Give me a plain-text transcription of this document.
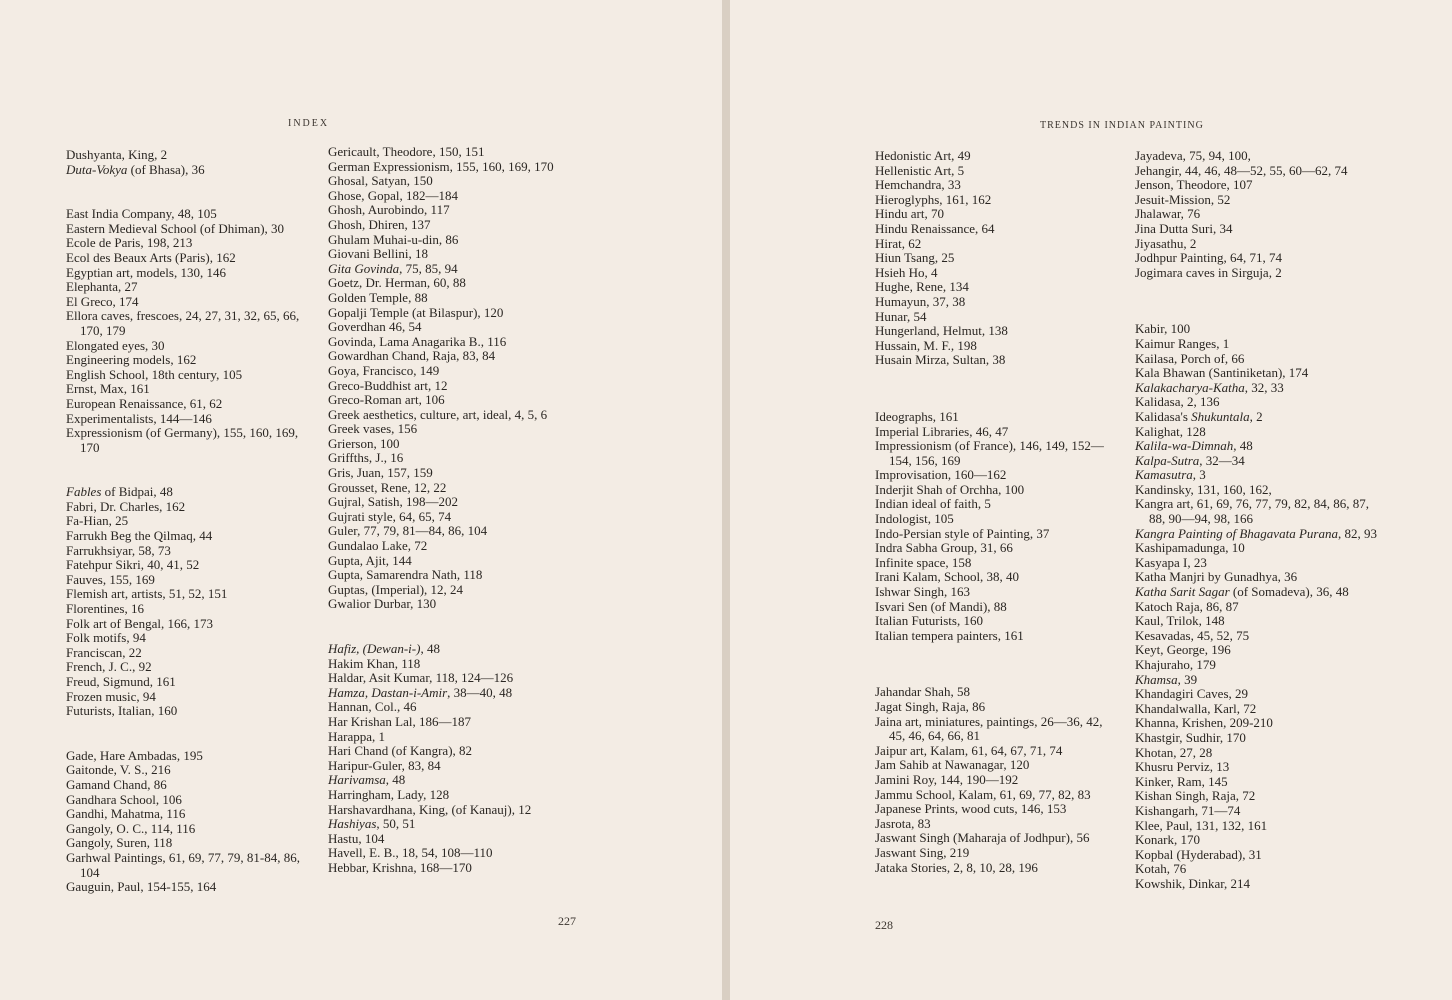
INDEX
Dushyanta, King, 2
Duta-Vokya (of Bhasa), 36
East India Company, 48, 105
Eastern Medieval School (of Dhiman), 30
Ecole de Paris, 198, 213
Ecol des Beaux Arts (Paris), 162
Egyptian art, models, 130, 146
Elephanta, 27
El Greco, 174
Ellora caves, frescoes, 24, 27, 31, 32, 65, 66, 170, 179
Elongated eyes, 30
Engineering models, 162
English School, 18th century, 105
Ernst, Max, 161
European Renaissance, 61, 62
Experimentalists, 144—146
Expressionism (of Germany), 155, 160, 169, 170
Fables of Bidpai, 48
Fabri, Dr. Charles, 162
Fa-Hian, 25
Farrukh Beg the Qilmaq, 44
Farrukhsiyar, 58, 73
Fatehpur Sikri, 40, 41, 52
Fauves, 155, 169
Flemish art, artists, 51, 52, 151
Florentines, 16
Folk art of Bengal, 166, 173
Folk motifs, 94
Franciscan, 22
French, J. C., 92
Freud, Sigmund, 161
Frozen music, 94
Futurists, Italian, 160
Gade, Hare Ambadas, 195
Gaitonde, V. S., 216
Gamand Chand, 86
Gandhara School, 106
Gandhi, Mahatma, 116
Gangoly, O. C., 114, 116
Gangoly, Suren, 118
Garhwal Paintings, 61, 69, 77, 79, 81-84, 86, 104
Gauguin, Paul, 154-155, 164
Gericault, Theodore, 150, 151
German Expressionism, 155, 160, 169, 170
Ghosal, Satyan, 150
Ghose, Gopal, 182—184
Ghosh, Aurobindo, 117
Ghosh, Dhiren, 137
Ghulam Muhai-u-din, 86
Giovani Bellini, 18
Gita Govinda, 75, 85, 94
Goetz, Dr. Herman, 60, 88
Golden Temple, 88
Gopalji Temple (at Bilaspur), 120
Goverdhan 46, 54
Govinda, Lama Anagarika B., 116
Gowardhan Chand, Raja, 83, 84
Goya, Francisco, 149
Greco-Buddhist art, 12
Greco-Roman art, 106
Greek aesthetics, culture, art, ideal, 4, 5, 6
Greek vases, 156
Grierson, 100
Griffths, J., 16
Gris, Juan, 157, 159
Grousset, Rene, 12, 22
Gujral, Satish, 198—202
Gujrati style, 64, 65, 74
Guler, 77, 79, 81—84, 86, 104
Gundalao Lake, 72
Gupta, Ajit, 144
Gupta, Samarendra Nath, 118
Guptas, (Imperial), 12, 24
Gwalior Durbar, 130
Hafiz, (Dewan-i-), 48
Hakim Khan, 118
Haldar, Asit Kumar, 118, 124—126
Hamza, Dastan-i-Amir, 38—40, 48
Hannan, Col., 46
Har Krishan Lal, 186—187
Harappa, 1
Hari Chand (of Kangra), 82
Haripur-Guler, 83, 84
Harivamsa, 48
Harringham, Lady, 128
Harshavardhana, King, (of Kanauj), 12
Hashiyas, 50, 51
Hastu, 104
Havell, E. B., 18, 54, 108—110
Hebbar, Krishna, 168—170
227
TRENDS IN INDIAN PAINTING
Hedonistic Art, 49
Hellenistic Art, 5
Hemchandra, 33
Hieroglyphs, 161, 162
Hindu art, 70
Hindu Renaissance, 64
Hirat, 62
Hiun Tsang, 25
Hsieh Ho, 4
Hughe, Rene, 134
Humayun, 37, 38
Hunar, 54
Hungerland, Helmut, 138
Hussain, M. F., 198
Husain Mirza, Sultan, 38
Ideographs, 161
Imperial Libraries, 46, 47
Impressionism (of France), 146, 149, 152—154, 156, 169
Improvisation, 160—162
Inderjit Shah of Orchha, 100
Indian ideal of faith, 5
Indologist, 105
Indo-Persian style of Painting, 37
Indra Sabha Group, 31, 66
Infinite space, 158
Irani Kalam, School, 38, 40
Ishwar Singh, 163
Isvari Sen (of Mandi), 88
Italian Futurists, 160
Italian tempera painters, 161
Jahandar Shah, 58
Jagat Singh, Raja, 86
Jaina art, miniatures, paintings, 26—36, 42, 45, 46, 64, 66, 81
Jaipur art, Kalam, 61, 64, 67, 71, 74
Jam Sahib at Nawanagar, 120
Jamini Roy, 144, 190—192
Jammu School, Kalam, 61, 69, 77, 82, 83
Japanese Prints, wood cuts, 146, 153
Jasrota, 83
Jaswant Singh (Maharaja of Jodhpur), 56
Jaswant Sing, 219
Jataka Stories, 2, 8, 10, 28, 196
Jayadeva, 75, 94, 100,
Jehangir, 44, 46, 48—52, 55, 60—62, 74
Jenson, Theodore, 107
Jesuit-Mission, 52
Jhalawar, 76
Jina Dutta Suri, 34
Jiyasathu, 2
Jodhpur Painting, 64, 71, 74
Jogimara caves in Sirguja, 2
Kabir, 100
Kaimur Ranges, 1
Kailasa, Porch of, 66
Kala Bhawan (Santiniketan), 174
Kalakacharya-Katha, 32, 33
Kalidasa, 2, 136
Kalidasa's Shukuntala, 2
Kalighat, 128
Kalila-wa-Dimnah, 48
Kalpa-Sutra, 32—34
Kamasutra, 3
Kandinsky, 131, 160, 162,
Kangra art, 61, 69, 76, 77, 79, 82, 84, 86, 87, 88, 90—94, 98, 166
Kangra Painting of Bhagavata Purana, 82, 93
Kashipamadunga, 10
Kasyapa I, 23
Katha Manjri by Gunadhya, 36
Katha Sarit Sagar (of Somadeva), 36, 48
Katoch Raja, 86, 87
Kaul, Trilok, 148
Kesavadas, 45, 52, 75
Keyt, George, 196
Khajuraho, 179
Khamsa, 39
Khandagiri Caves, 29
Khandalwalla, Karl, 72
Khanna, Krishen, 209-210
Khastgir, Sudhir, 170
Khotan, 27, 28
Khusru Perviz, 13
Kinker, Ram, 145
Kishan Singh, Raja, 72
Kishangarh, 71—74
Klee, Paul, 131, 132, 161
Konark, 170
Kopbal (Hyderabad), 31
Kotah, 76
Kowshik, Dinkar, 214
228
